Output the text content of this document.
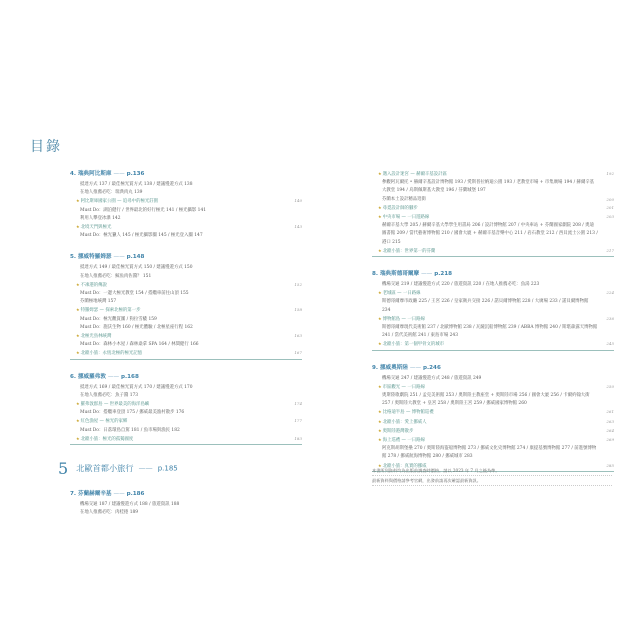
目錄
4. 瑞典阿比斯庫 —— p.136
抵達方式 137 / 最佳極光賞方式 138 / 建議慢遊方式 138
在地人推薦必吃：瑞典肉丸 139
★阿比斯庫國家公園 — 追尋中的極光莊園	140
Must Do：湖泊健行 / 世界最北的好行極光 141 / 極光攝影 141
利用人攀登冰瀑 142
★北境天門與極光	143
Must Do：極光獵人 145 / 極光攝影團 145 / 極光登入團 147
5. 挪威特羅姆瑟 —— p.148
抵達方式 149 / 最佳極光賞方式 150 / 建議慢遊方式 150
在地人推薦必吃：鯨魚肉佐醬？ 151
★不凍港的傳說	152
Must Do：一邊大極光教堂 154 / 搭纜車前往山頂 155
芬蘭極地峽灣 157
★特羅姆瑟 — 探索北極的第一步	158
Must Do：極光觀賞團 / 狗拉雪橇 159
Must Do：施沃生物 160 / 極光體驗 / 北極星座行程 162
★北極光鳥林峽灣	163
Must Do：森林小木屋 / 森林桑拿 SPA 164 / 林間健行 166
★北歐小旅：永恆北極的極光記憶	167
6. 挪威羅弗敦 —— p.168
抵達方式 169 / 最佳極光賞方式 170 / 建議慢遊方式 170
在地人推薦必吃：魚子醬 173
★羅弗敦群島 — 世界最美的海洋島嶼	174
Must Do：搭纜車登頂 175 / 挪威最美漁村散步 176
★紅色漁屋 — 極光的家鄉	177
Must Do：日落環島自駕 181 / 魚市場與漁民 182
★北歐小旅：極光的孤獨國度	183
5 北歐首都小旅行 —— p.185
7. 芬蘭赫爾辛基 —— p.186
機場交通 187 / 建議慢遊方式 188 / 旅遊資訊 188
在地人推薦必吃：肉桂捲 189
★邁入設計迷宮 — 赫爾辛基設計區	192
參觀阿瓦爾托 • 赫爾辛基設計博物館 193 / 愛斯普拉納迪公園 193 / 老教堂市場 + 市集廣場 194 / 赫爾辛基大教堂 194 / 烏斯佩斯基大教堂 196 / 芬蘭城堡 197
芬蘭本土設計精品逛街	200
★尋覓設計師的腳步	201
★中央市場 — 一日遊路線	203
赫爾辛基大學 205 / 赫爾辛基大學學生用書局 206 / 設計博物館 207 / 中央車站 + 芬蘭國家劇院 208 / 奧迪圖書館 209 / 當代藝術博物館 210 / 國會大廈 + 赫爾辛基音樂中心 211 / 岩石教堂 212 / 西貝流士公園 213 / 港口 215
★北歐小旅：世界第一的芬蘭	217
8. 瑞典斯德哥爾摩 —— p.218
機場交通 219 / 建議慢遊方式 220 / 旅遊資訊 220 / 在地人推薦必吃：魚湯 223
★老城區 — 一日路線	224
斯德哥爾摩市政廳 225 / 王宮 226 / 皇家衛兵交接 226 / 諾貝爾博物館 228 / 大廣場 233 / 諾貝爾博物館 234
★博物館島 — 一日路線	236
斯德哥爾摩現代美術館 237 / 北歐博物館 238 / 瓦薩沉船博物館 239 / ABBA 博物館 240 / 斯堪森露天博物館 241 / 當代美術館 241 / 東島市場 243
★北歐小旅：第一個甲骨文的城市	245
9. 挪威奧斯陸 —— p.246
機場交通 247 / 建議慢遊方式 248 / 旅遊資訊 249
★市區觀光 — 一日路線	250
奧斯陸歌劇院 251 / 孟克美術館 253 / 奧斯陸主教座堂 + 奧斯陸市場 256 / 國會大廈 256 / 卡爾約翰大街 257 / 奧斯陸大教堂 + 皇宮 258 / 奧斯陸王宮 259 / 挪威國家博物館 260
★比格迪半島 — 博物館巡禮	261
★北歐小旅：愛上挪威人	263
★奧斯陸港灣散步	264
★海上巡禮 — 一日路線	269
阿克斯胡斯堡壘 270 / 奧斯陸海盜船博物館 273 / 挪威文化史博物館 274 / 康提基號博物館 277 / 前進號博物館 278 / 挪威航海博物館 280 / 挪威城市 283
★北歐小旅：真實的挪威	285
本書所列資料均為出版前調查時價格。請以 2023 年 7 月之後為準。
最新資料與價格請參考官網，出發前請再次確認最新資訊。
